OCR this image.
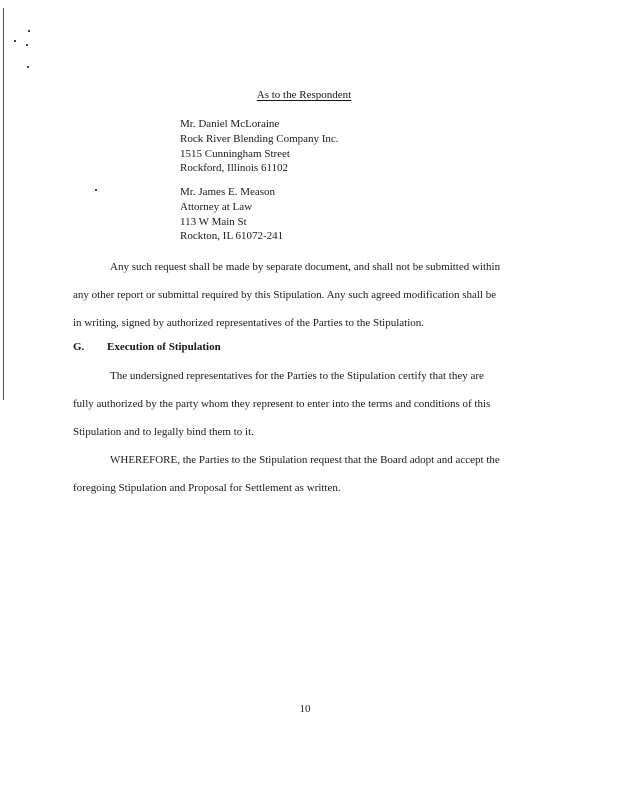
As to the Respondent
Mr. Daniel McLoraine
Rock River Blending Company Inc.
1515 Cunningham Street
Rockford, Illinois 61102
Mr. James E. Meason
Attorney at Law
113 W Main St
Rockton, IL 61072-241
Any such request shall be made by separate document, and shall not be submitted within
any other report or submittal required by this Stipulation. Any such agreed modification shall be
in writing, signed by authorized representatives of the Parties to the Stipulation.
G. Execution of Stipulation
The undersigned representatives for the Parties to the Stipulation certify that they are
fully authorized by the party whom they represent to enter into the terms and conditions of this
Stipulation and to legally bind them to it.
WHEREFORE, the Parties to the Stipulation request that the Board adopt and accept the
foregoing Stipulation and Proposal for Settlement as written.
10
